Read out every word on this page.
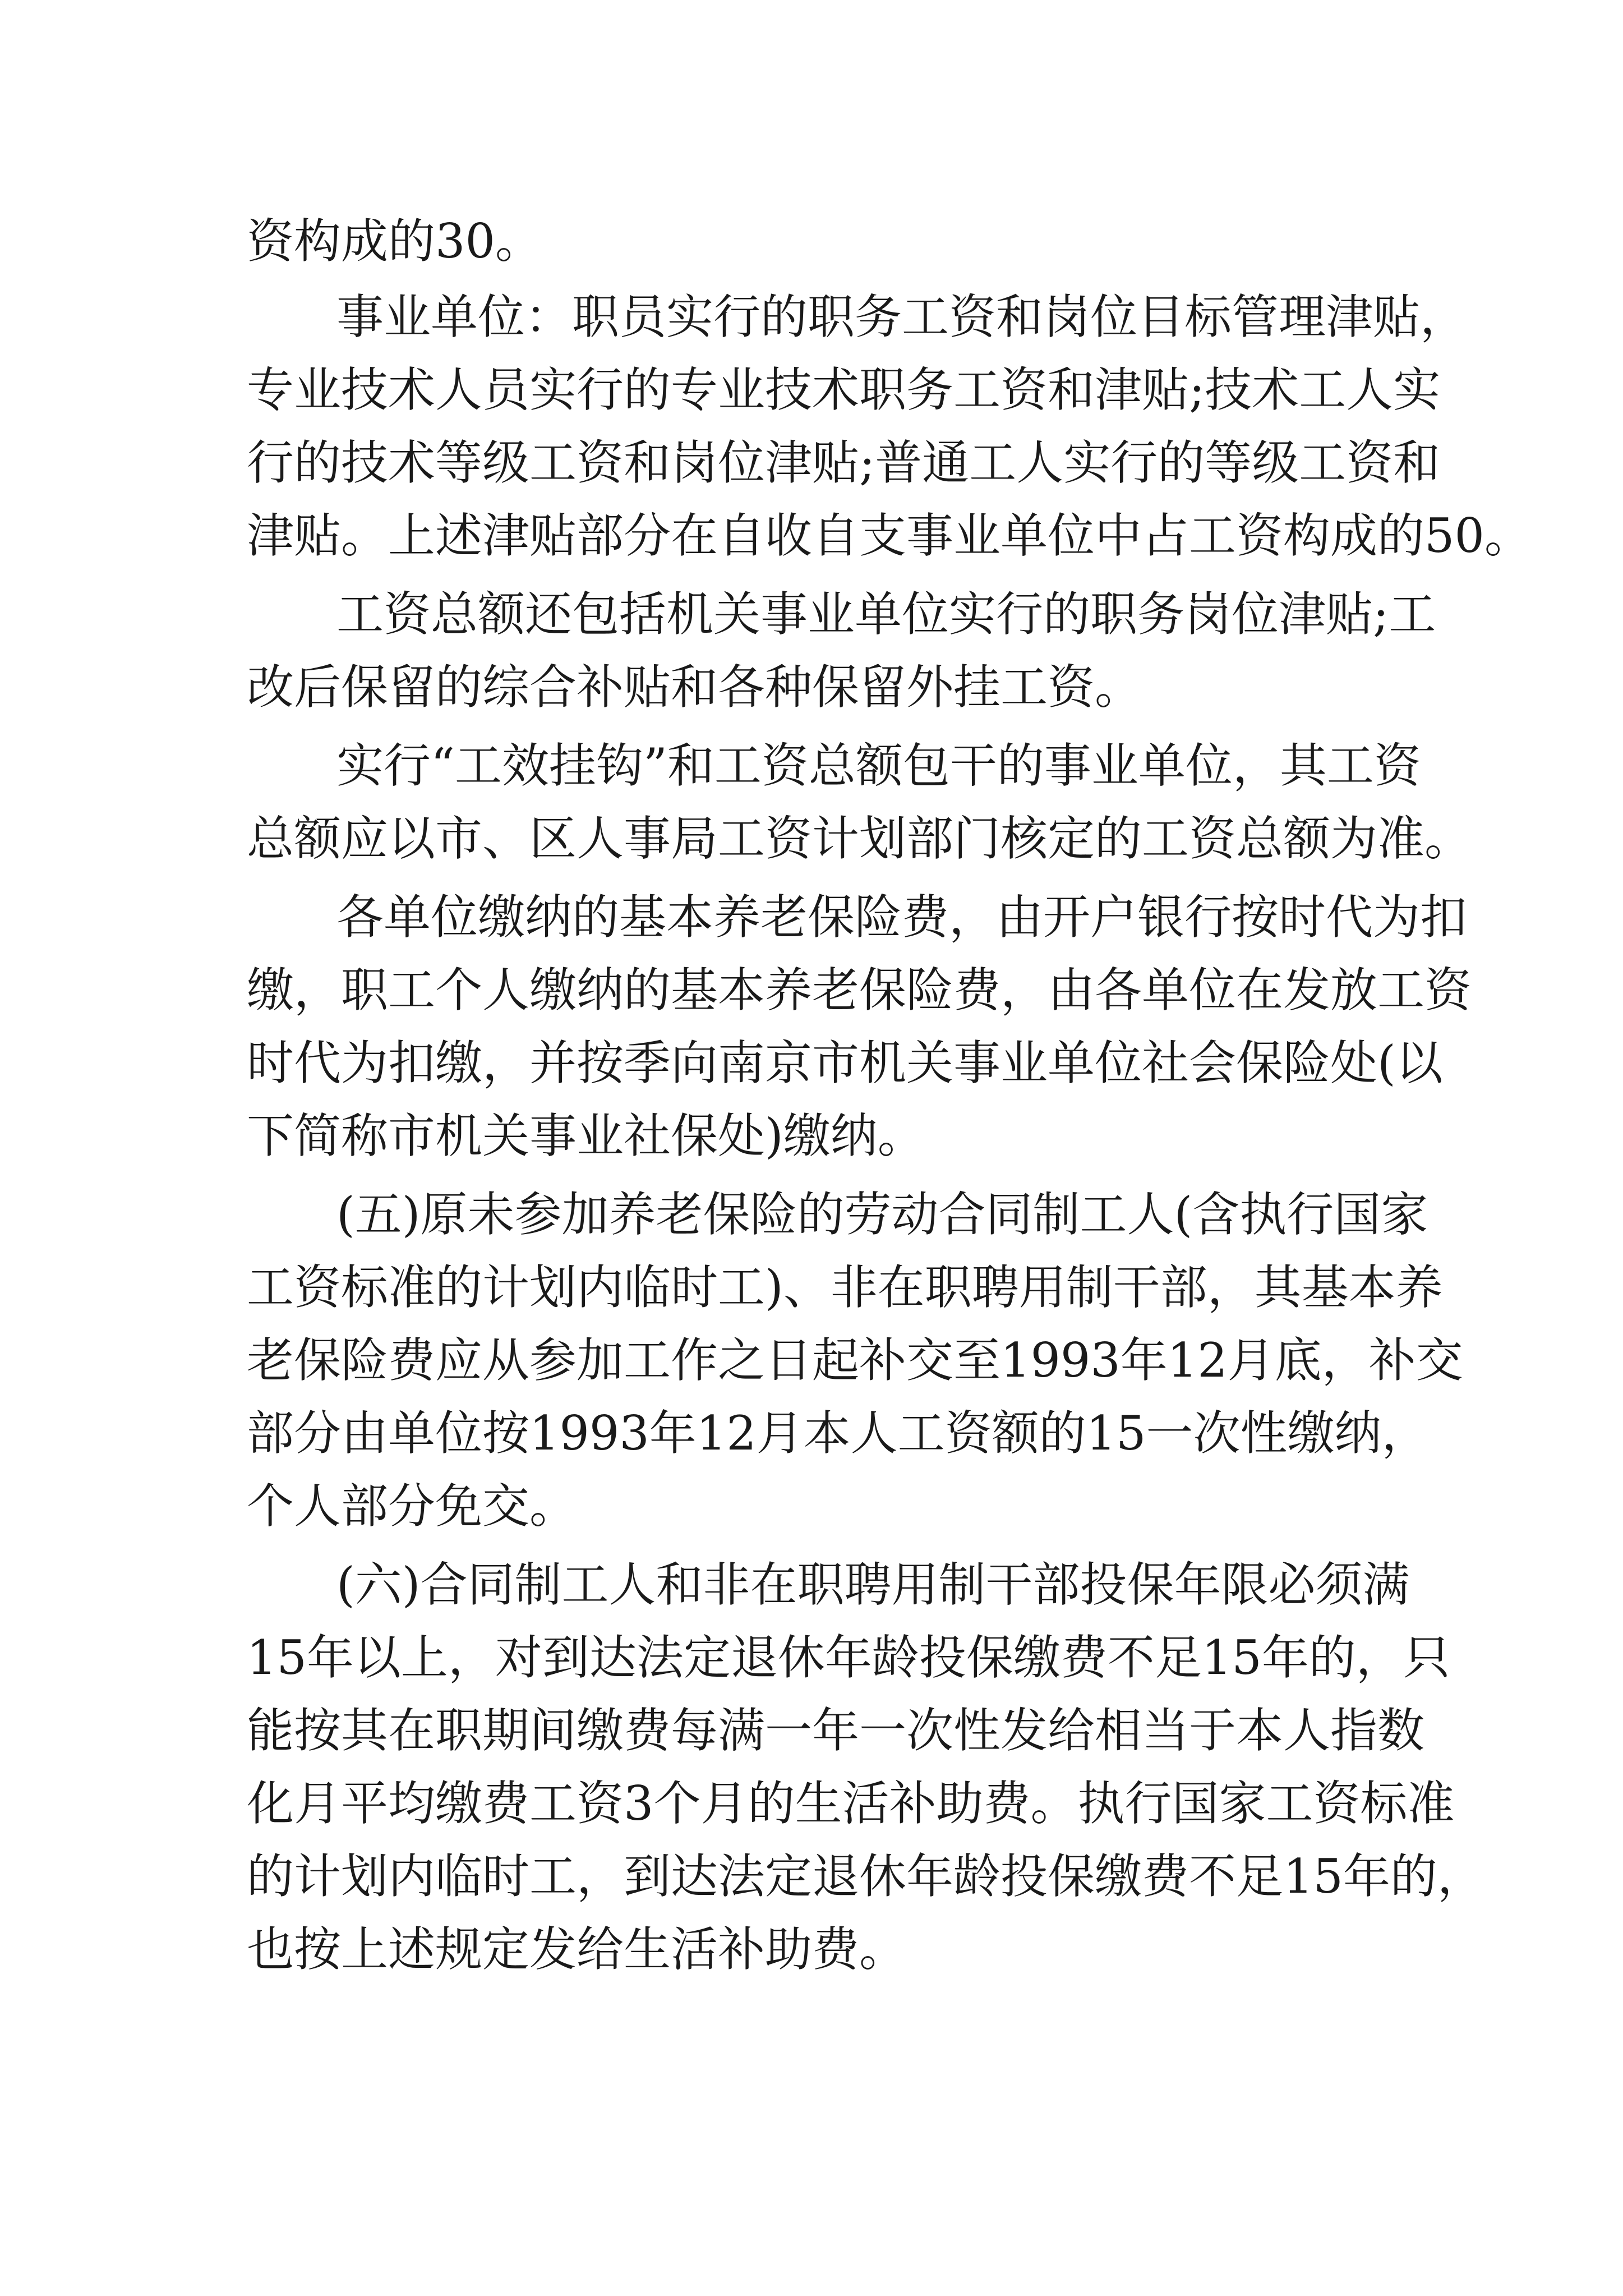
资构成的30。
事业单位：职员实行的职务工资和岗位目标管理津贴，
专业技术人员实行的专业技术职务工资和津贴;技术工人实
行的技术等级工资和岗位津贴;普通工人实行的等级工资和
津贴。上述津贴部分在自收自支事业单位中占工资构成的50。
工资总额还包括机关事业单位实行的职务岗位津贴;工
改后保留的综合补贴和各种保留外挂工资。
实行“工效挂钩”和工资总额包干的事业单位，其工资
总额应以市、区人事局工资计划部门核定的工资总额为准。
各单位缴纳的基本养老保险费，由开户银行按时代为扣
缴，职工个人缴纳的基本养老保险费，由各单位在发放工资
时代为扣缴，并按季向南京市机关事业单位社会保险处(以
下简称市机关事业社保处)缴纳。
(五)原未参加养老保险的劳动合同制工人(含执行国家
工资标准的计划内临时工)、非在职聘用制干部，其基本养
老保险费应从参加工作之日起补交至1993年12月底，补交
部分由单位按1993年12月本人工资额的15一次性缴纳，
个人部分免交。
(六)合同制工人和非在职聘用制干部投保年限必须满
15年以上，对到达法定退休年龄投保缴费不足15年的，只
能按其在职期间缴费每满一年一次性发给相当于本人指数
化月平均缴费工资3个月的生活补助费。执行国家工资标准
的计划内临时工，到达法定退休年龄投保缴费不足15年的，
也按上述规定发给生活补助费。
